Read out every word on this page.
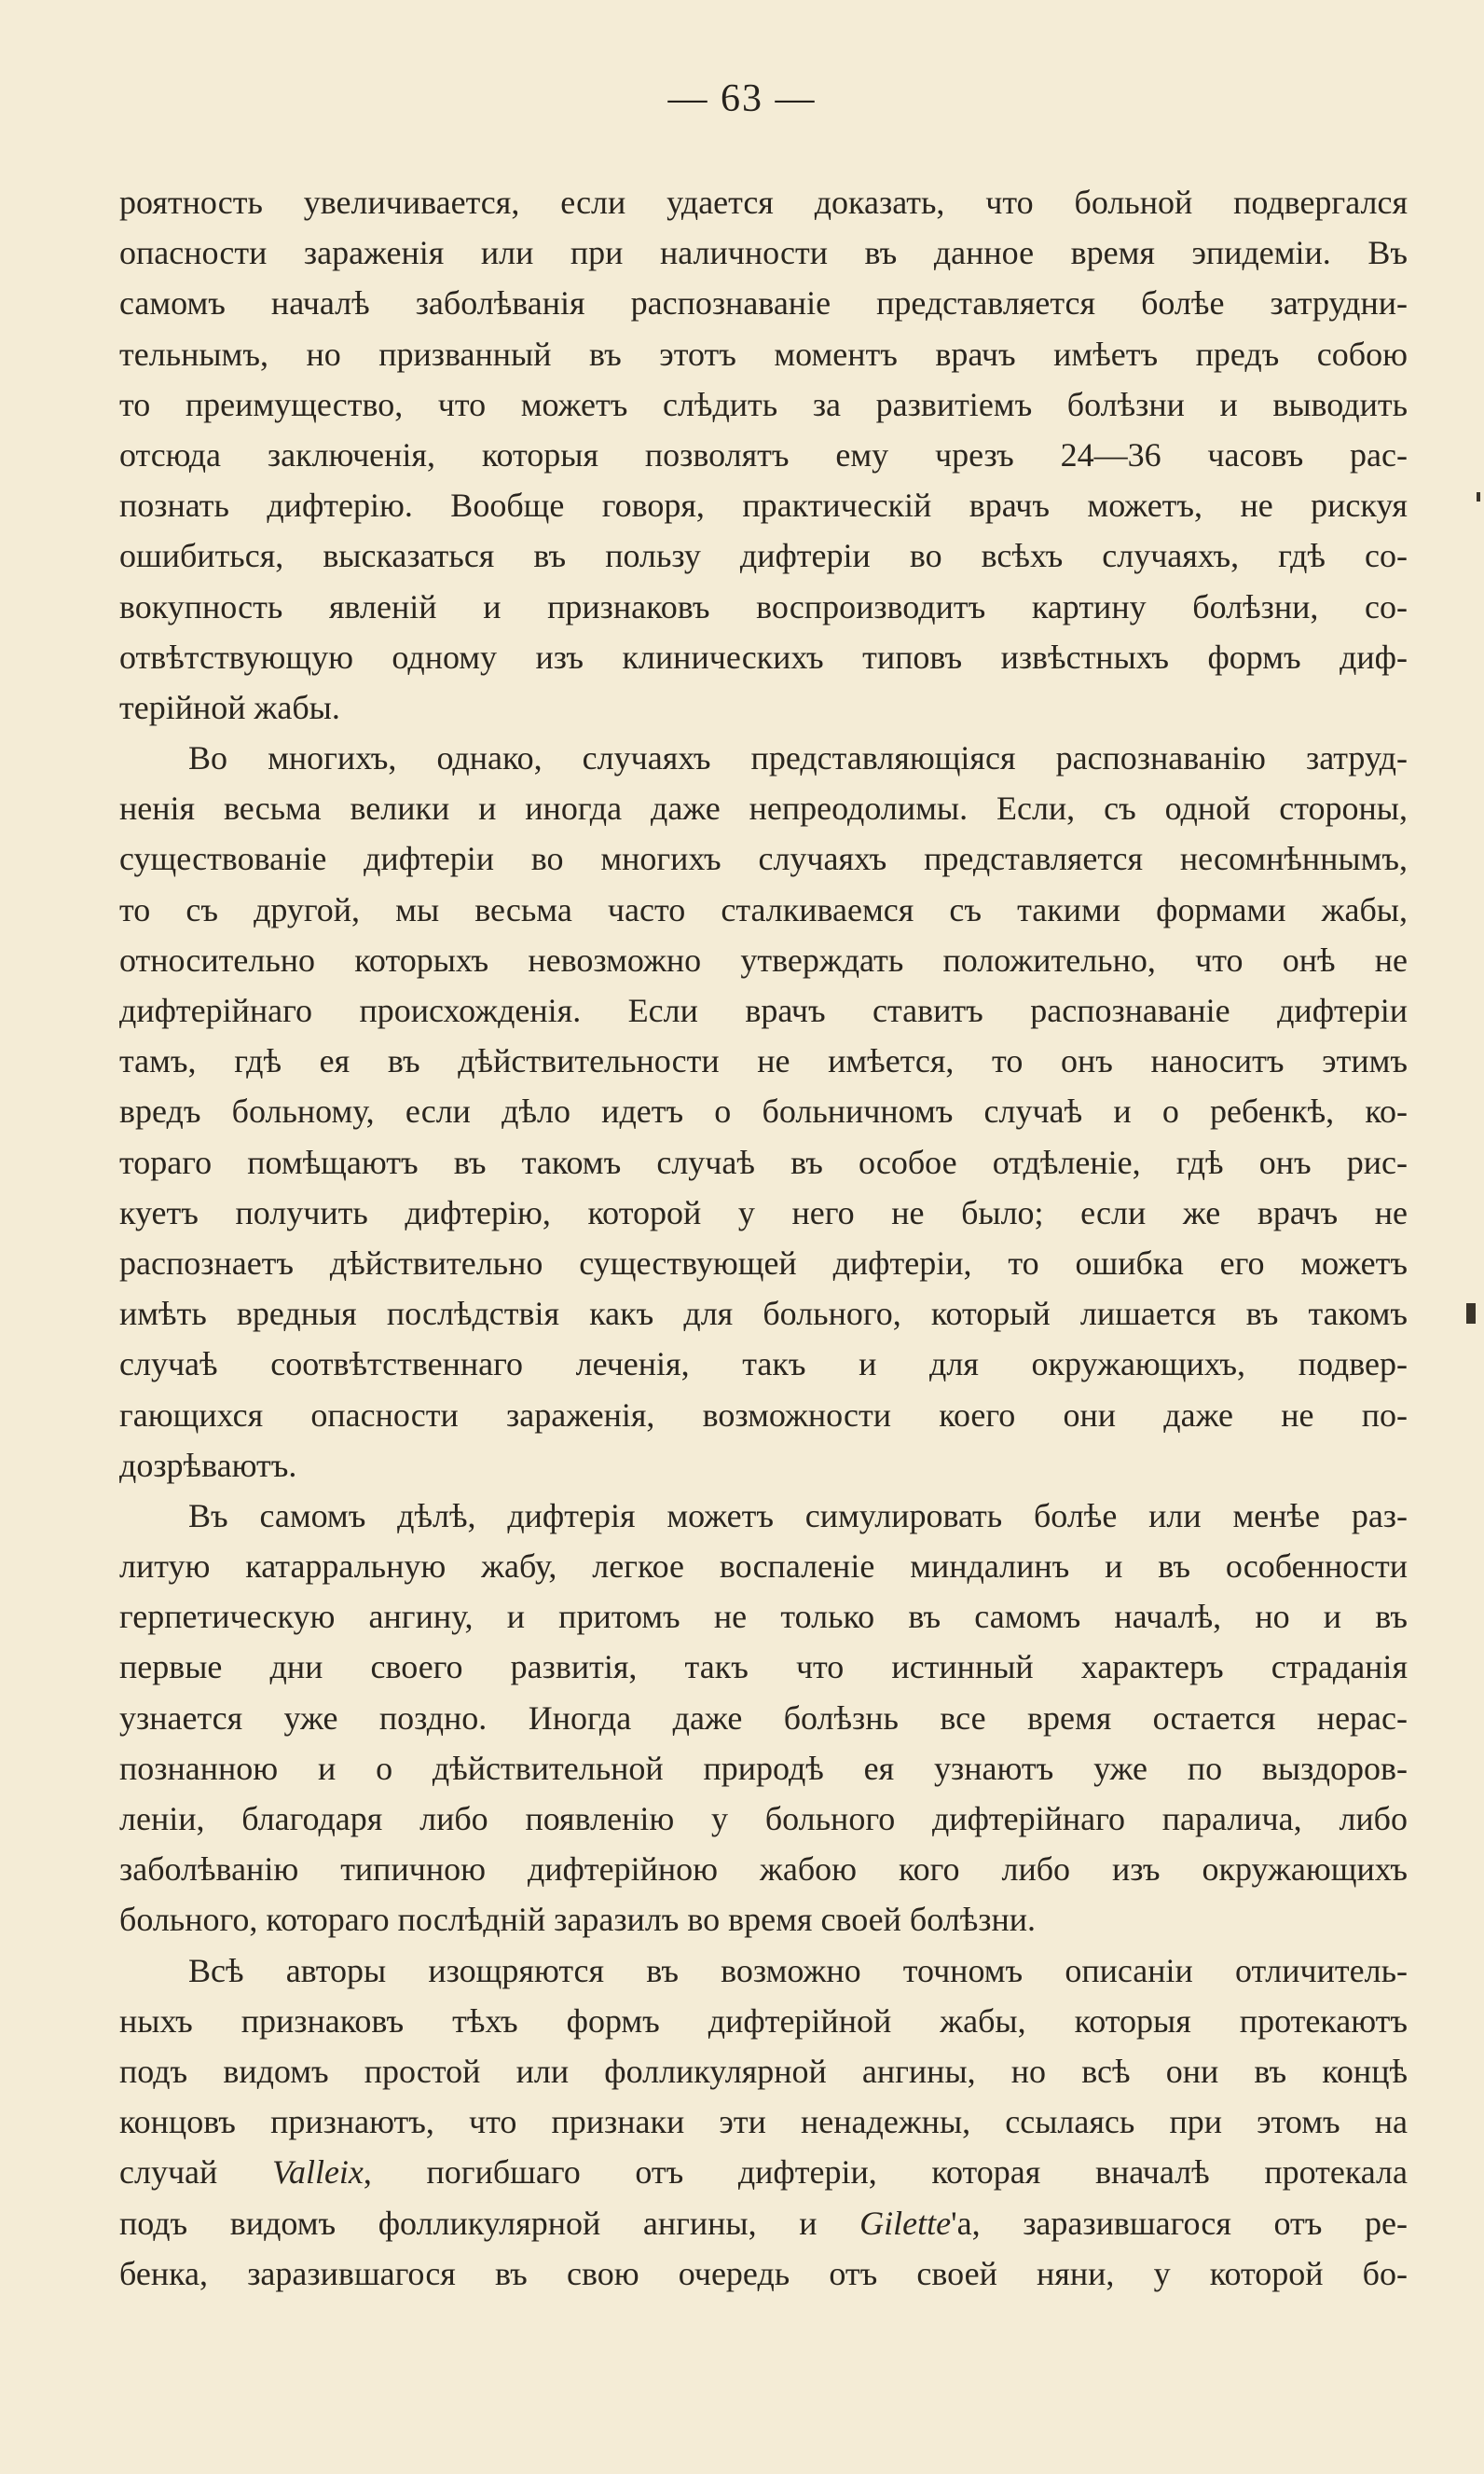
— 63 —
роятность увеличивается, если удается доказать, что больной подвергался
опасности зараженія или при наличности въ данное время эпидеміи. Въ
самомъ началѣ заболѣванія распознаваніе представляется болѣе затрудни-
тельнымъ, но призванный въ этотъ моментъ врачъ имѣетъ предъ собою
то преимущество, что можетъ слѣдить за развитіемъ болѣзни и выводить
отсюда заключенія, которыя позволятъ ему чрезъ 24—36 часовъ рас-
познать дифтерію. Вообще говоря, практическій врачъ можетъ, не рискуя
ошибиться, высказаться въ пользу дифтеріи во всѣхъ случаяхъ, гдѣ со-
вокупность явленій и признаковъ воспроизводитъ картину болѣзни, со-
отвѣтствующую одному изъ клиническихъ типовъ извѣстныхъ формъ диф-
терійной жабы.
Во многихъ, однако, случаяхъ представляющіяся распознаванію затруд-
ненія весьма велики и иногда даже непреодолимы. Если, съ одной стороны,
существованіе дифтеріи во многихъ случаяхъ представляется несомнѣннымъ,
то съ другой, мы весьма часто сталкиваемся съ такими формами жабы,
относительно которыхъ невозможно утверждать положительно, что онѣ не
дифтерійнаго происхожденія. Если врачъ ставитъ распознаваніе дифтеріи
тамъ, гдѣ ея въ дѣйствительности не имѣется, то онъ наноситъ этимъ
вредъ больному, если дѣло идетъ о больничномъ случаѣ и о ребенкѣ, ко-
тораго помѣщаютъ въ такомъ случаѣ въ особое отдѣленіе, гдѣ онъ рис-
куетъ получить дифтерію, которой у него не было; если же врачъ не
распознаетъ дѣйствительно существующей дифтеріи, то ошибка его можетъ
имѣть вредныя послѣдствія какъ для больного, который лишается въ такомъ
случаѣ соотвѣтственнаго леченія, такъ и для окружающихъ, подвер-
гающихся опасности зараженія, возможности коего они даже не по-
дозрѣваютъ.
Въ самомъ дѣлѣ, дифтерія можетъ симулировать болѣе или менѣе раз-
литую катарральную жабу, легкое воспаленіе миндалинъ и въ особенности
герпетическую ангину, и притомъ не только въ самомъ началѣ, но и въ
первые дни своего развитія, такъ что истинный характеръ страданія
узнается уже поздно. Иногда даже болѣзнь все время остается нерас-
познанною и о дѣйствительной природѣ ея узнаютъ уже по выздоров-
леніи, благодаря либо появленію у больного дифтерійнаго паралича, либо
заболѣванію типичною дифтерійною жабою кого либо изъ окружающихъ
больного, котораго послѣдній заразилъ во время своей болѣзни.
Всѣ авторы изощряются въ возможно точномъ описаніи отличитель-
ныхъ признаковъ тѣхъ формъ дифтерійной жабы, которыя протекаютъ
подъ видомъ простой или фолликулярной ангины, но всѣ они въ концѣ
концовъ признаютъ, что признаки эти ненадежны, ссылаясь при этомъ на
случай Valleix, погибшаго отъ дифтеріи, которая вначалѣ протекала
подъ видомъ фолликулярной ангины, и Gilette'а, заразившагося отъ ре-
бенка, заразившагося въ свою очередь отъ своей няни, у которой бо-
